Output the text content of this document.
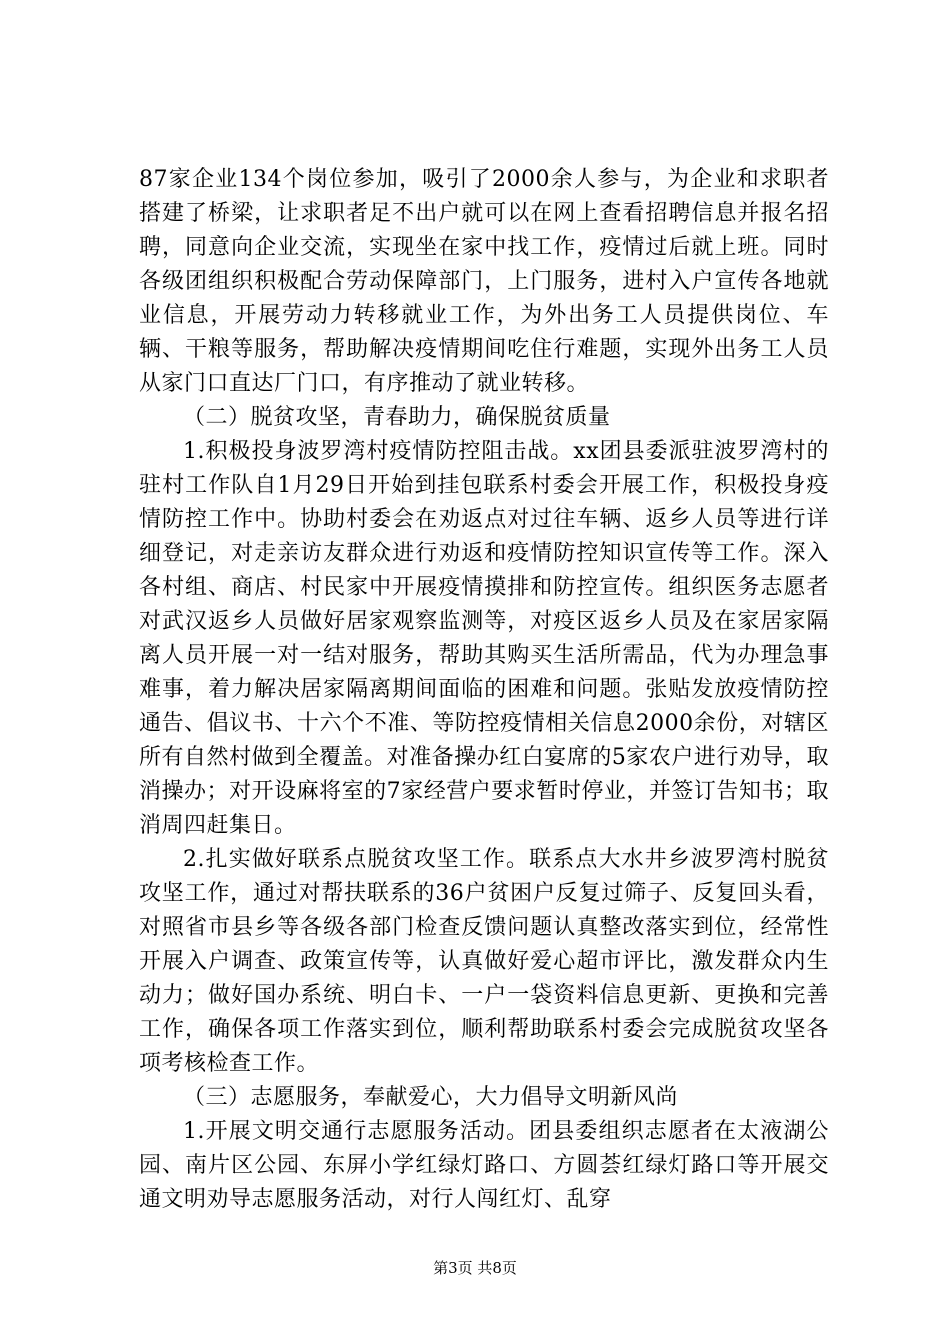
87家企业134个岗位参加，吸引了2000余人参与，为企业和求职者搭建了桥梁，让求职者足不出户就可以在网上查看招聘信息并报名招聘，同意向企业交流，实现坐在家中找工作，疫情过后就上班。同时各级团组织积极配合劳动保障部门，上门服务，进村入户宣传各地就业信息，开展劳动力转移就业工作，为外出务工人员提供岗位、车辆、干粮等服务，帮助解决疫情期间吃住行难题，实现外出务工人员从家门口直达厂门口，有序推动了就业转移。

（二）脱贫攻坚，青春助力，确保脱贫质量

1.积极投身波罗湾村疫情防控阻击战。xx团县委派驻波罗湾村的驻村工作队自1月29日开始到挂包联系村委会开展工作，积极投身疫情防控工作中。协助村委会在劝返点对过往车辆、返乡人员等进行详细登记，对走亲访友群众进行劝返和疫情防控知识宣传等工作。深入各村组、商店、村民家中开展疫情摸排和防控宣传。组织医务志愿者对武汉返乡人员做好居家观察监测等，对疫区返乡人员及在家居家隔离人员开展一对一结对服务，帮助其购买生活所需品，代为办理急事难事，着力解决居家隔离期间面临的困难和问题。张贴发放疫情防控通告、倡议书、十六个不准、等防控疫情相关信息2000余份，对辖区所有自然村做到全覆盖。对准备操办红白宴席的5家农户进行劝导，取消操办；对开设麻将室的7家经营户要求暂时停业，并签订告知书；取消周四赶集日。

2.扎实做好联系点脱贫攻坚工作。联系点大水井乡波罗湾村脱贫攻坚工作，通过对帮扶联系的36户贫困户反复过筛子、反复回头看，对照省市县乡等各级各部门检查反馈问题认真整改落实到位，经常性开展入户调查、政策宣传等，认真做好爱心超市评比，激发群众内生动力；做好国办系统、明白卡、一户一袋资料信息更新、更换和完善工作，确保各项工作落实到位，顺利帮助联系村委会完成脱贫攻坚各项考核检查工作。

（三）志愿服务，奉献爱心，大力倡导文明新风尚

1.开展文明交通行志愿服务活动。团县委组织志愿者在太液湖公园、南片区公园、东屏小学红绿灯路口、方圆荟红绿灯路口等开展交通文明劝导志愿服务活动，对行人闯红灯、乱穿

第3页 共8页
